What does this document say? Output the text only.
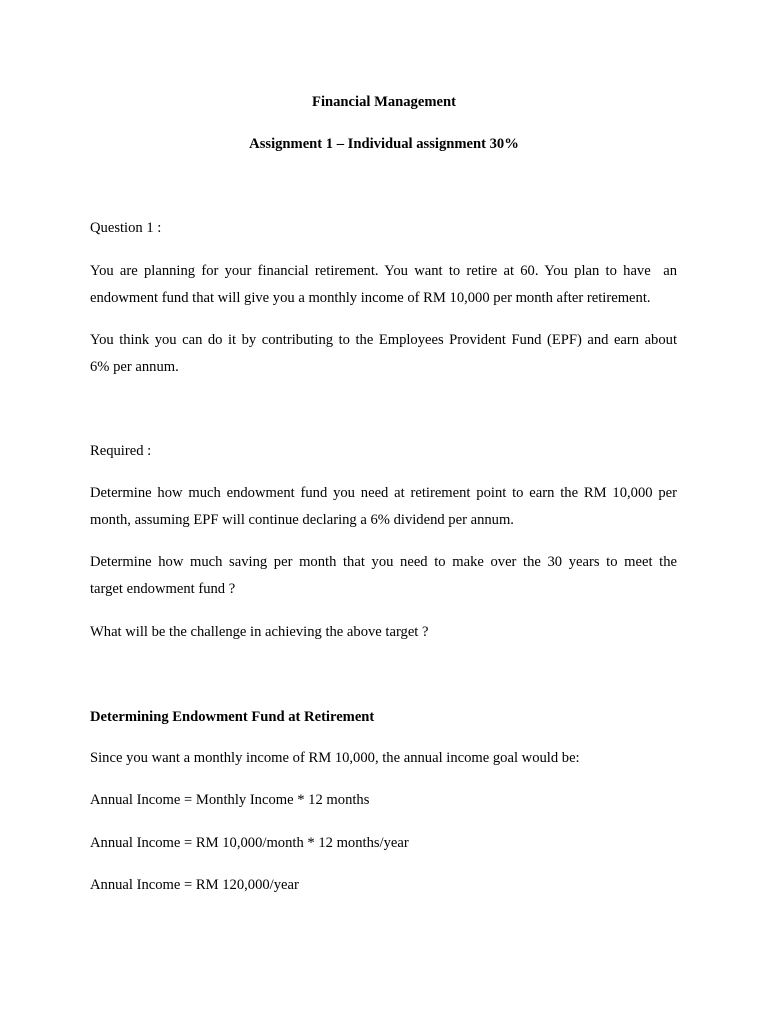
Financial Management

Assignment 1 – Individual assignment 30%

Question 1 :

You are planning for your financial retirement. You want to retire at 60. You plan to have  an

endowment fund that will give you a monthly income of RM 10,000 per month after retirement.

You think you can do it by contributing to the Employees Provident Fund (EPF) and earn about

6% per annum.

Required :

Determine how much endowment fund you need at retirement point to earn the RM 10,000 per

month, assuming EPF will continue declaring a 6% dividend per annum.

Determine how much saving per month that you need to make over the 30 years to meet the

target endowment fund ?

What will be the challenge in achieving the above target ?

Determining Endowment Fund at Retirement

Since you want a monthly income of RM 10,000, the annual income goal would be:

Annual Income = Monthly Income * 12 months

Annual Income = RM 10,000/month * 12 months/year

Annual Income = RM 120,000/year
